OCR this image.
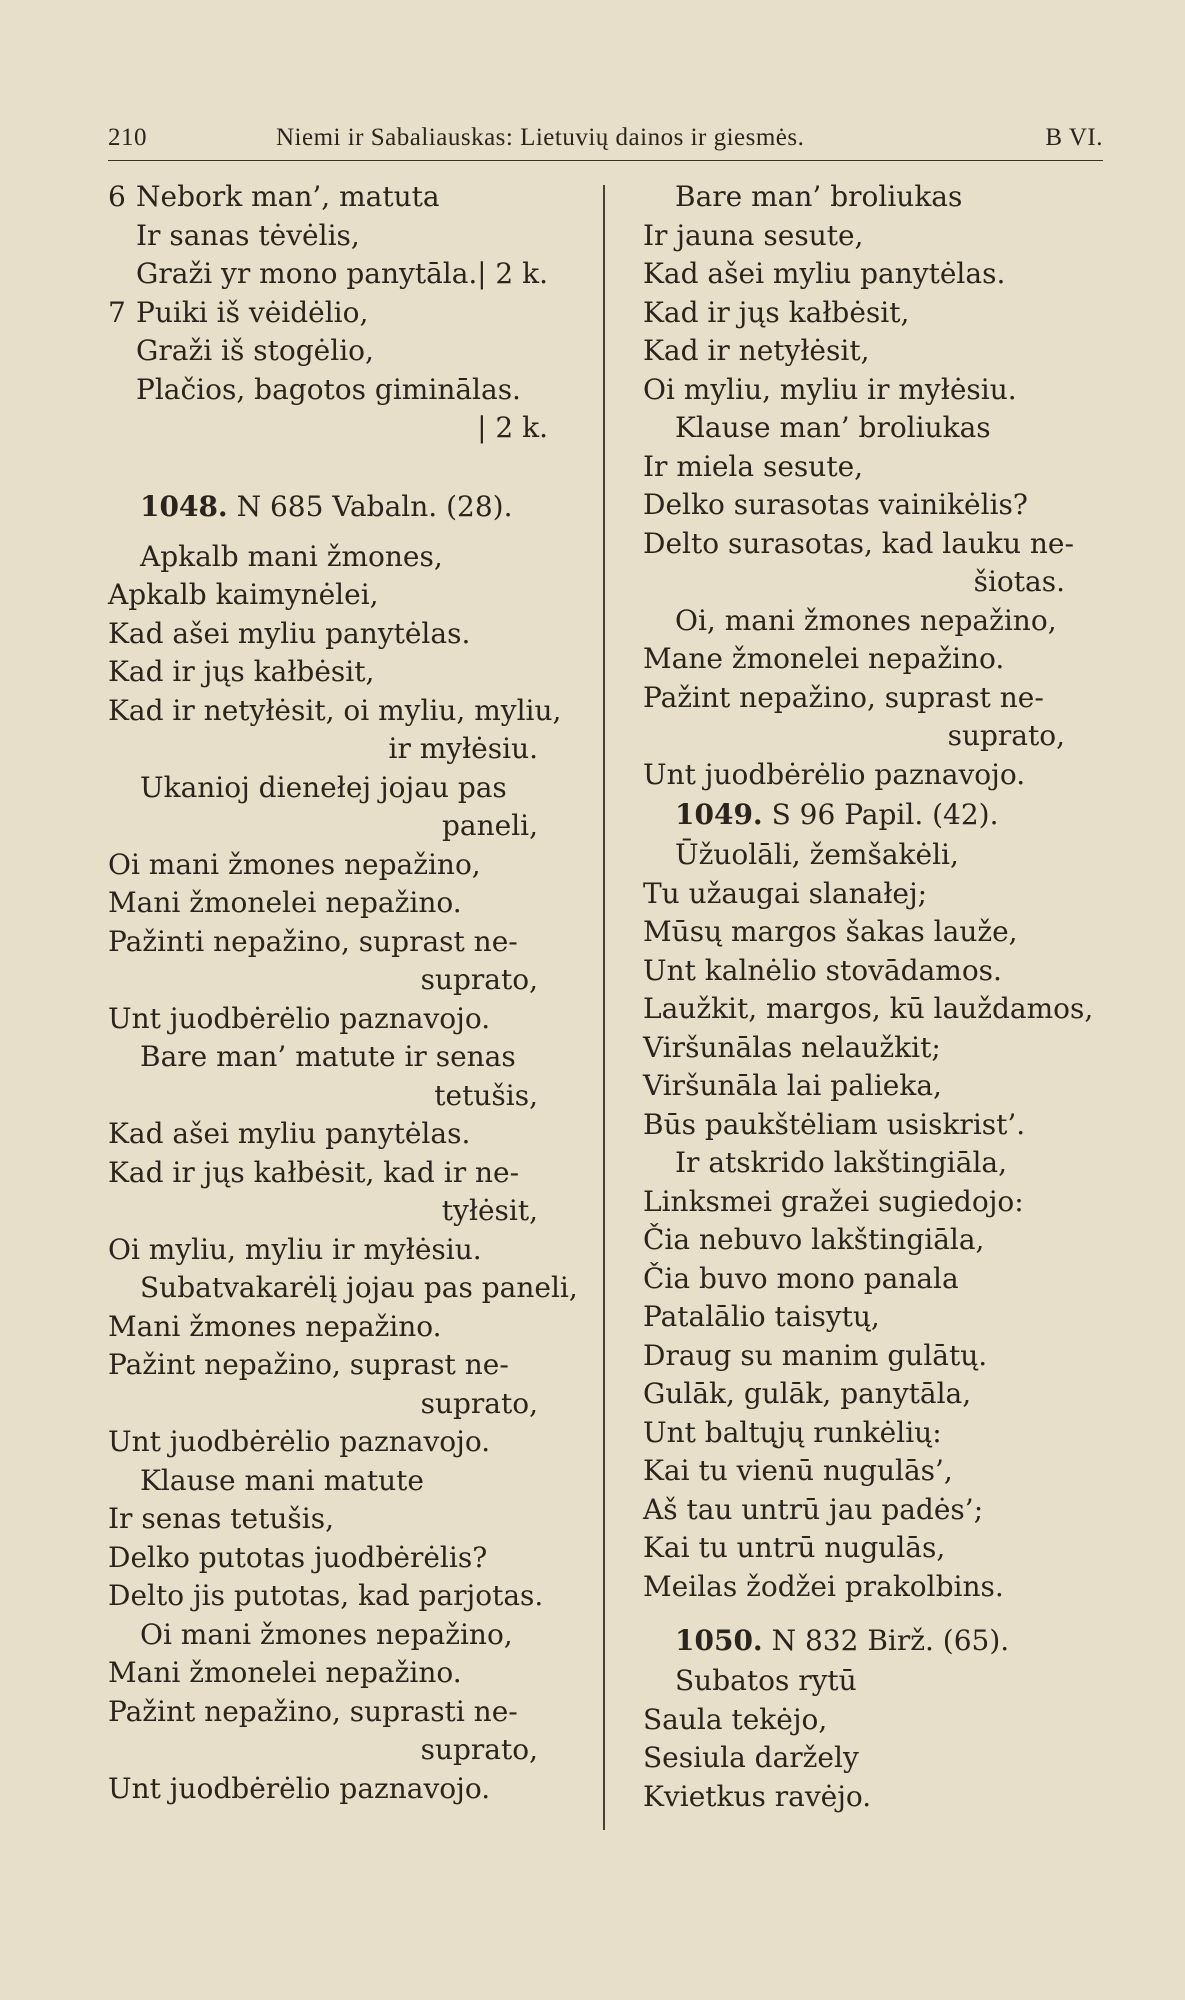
210	Niemi ir Sabaliauskas: Lietuvių dainos ir giesmės.	B VI.
6 Nebork man’, matuta
Ir sanas tėvėlis,
Graži yr mono panytāla. | 2 k.
7 Puiki iš vėidėlio,
Graži iš stogėlio,
Plačios, bagotos giminālas.
| 2 k.
1048. N 685 Vabaln. (28).
Apkalb mani žmones,
Apkalb kaimynėlei,
Kad ašei myliu panytėlas.
Kad ir jųs kałbėsit,
Kad ir netyłėsit, oi myliu, myliu,
ir myłėsiu.
Ukanioj dienełej jojau pas
paneli,
Oi mani žmones nepažino,
Mani žmonelei nepažino.
Pažinti nepažino, suprast ne-
suprato,
Unt juodbėrėlio paznavojo.
Bare man’ matute ir senas
tetušis,
Kad ašei myliu panytėlas.
Kad ir jųs kałbėsit, kad ir ne-
tyłėsit,
Oi myliu, myliu ir myłėsiu.
Subatvakarėlį jojau pas paneli,
Mani žmones nepažino.
Pažint nepažino, suprast ne-
suprato,
Unt juodbėrėlio paznavojo.
Klause mani matute
Ir senas tetušis,
Delko putotas juodbėrėlis?
Delto jis putotas, kad parjotas.
Oi mani žmones nepažino,
Mani žmonelei nepažino.
Pažint nepažino, suprasti ne-
suprato,
Unt juodbėrėlio paznavojo.
Bare man’ broliukas
Ir jauna sesute,
Kad ašei myliu panytėlas.
Kad ir jųs kałbėsit,
Kad ir netyłėsit,
Oi myliu, myliu ir myłėsiu.
Klause man’ broliukas
Ir miela sesute,
Delko surasotas vainikėlis?
Delto surasotas, kad lauku ne-
šiotas.
Oi, mani žmones nepažino,
Mane žmonelei nepažino.
Pažint nepažino, suprast ne-
suprato,
Unt juodbėrėlio paznavojo.
1049. S 96 Papil. (42).
Ūžuolāli, žemšakėli,
Tu užaugai slanałej;
Mūsų margos šakas lauže,
Unt kalnėlio stovādamos.
Laužkit, margos, kū lauždamos,
Viršunālas nelaužkit;
Viršunāla lai palieka,
Būs paukštėliam usiskrist’.
Ir atskrido lakštingiāla,
Linksmei gražei sugiedojo:
Čia nebuvo lakštingiāla,
Čia buvo mono panala
Patalālio taisytų,
Draug su manim gulātų.
Gulāk, gulāk, panytāla,
Unt baltųjų runkėlių:
Kai tu vienū nugulās’,
Aš tau untrū jau padės’;
Kai tu untrū nugulās,
Meilas žodžei prakolbins.
1050. N 832 Birž. (65).
Subatos rytū
Saula tekėjo,
Sesiula daržely
Kvietkus ravėjo.
